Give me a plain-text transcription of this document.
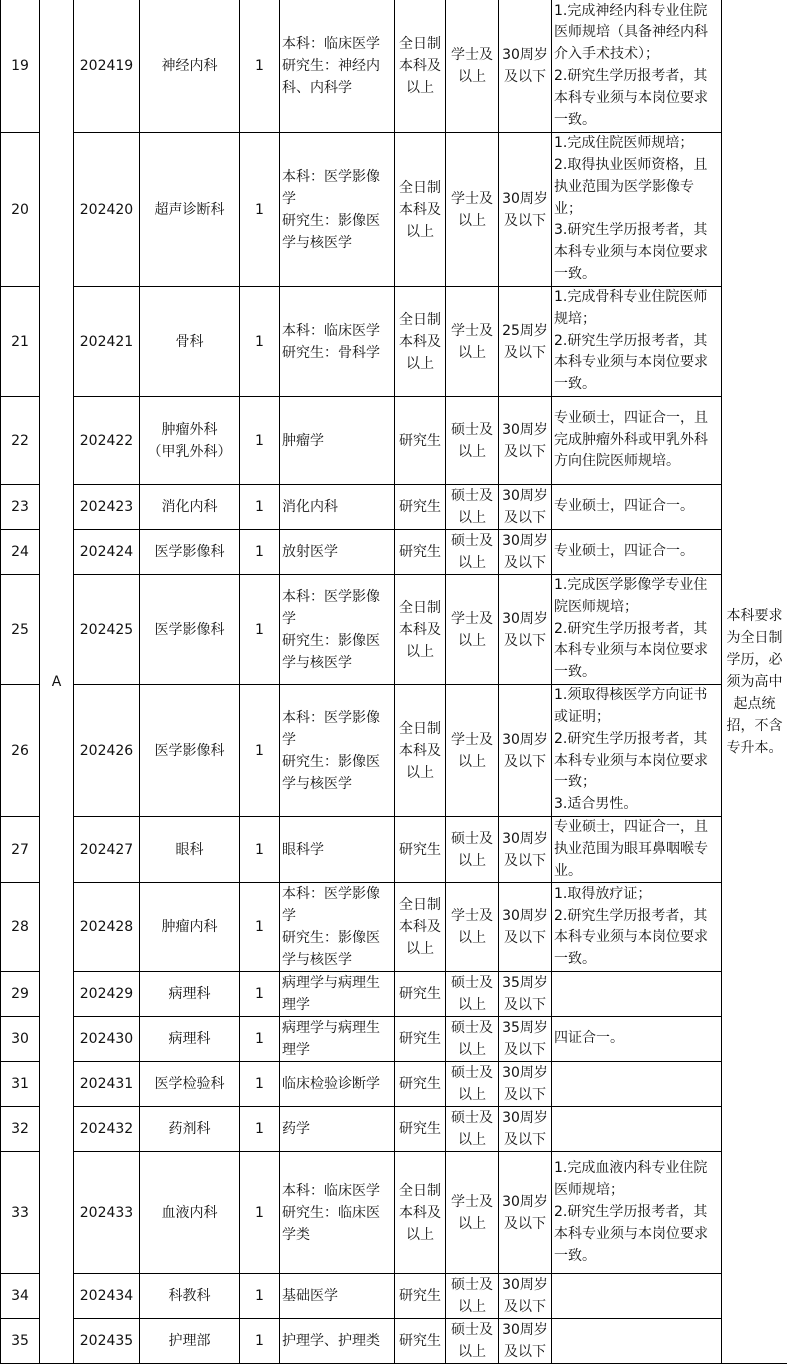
19	A	202419	神经内科	1	本科：临床医学
研究生：神经内科、内科学	全日制本科及以上	学士及以上	30周岁及以下	1.完成神经内科专业住院医师规培（具备神经内科介入手术技术）；
2.研究生学历报考者，其本科专业须与本岗位要求一致。	本科要求为全日制学历，必须为高中起点统招，不含专升本。
20		202420	超声诊断科	1	本科：医学影像学
研究生：影像医学与核医学	全日制本科及以上	学士及以上	30周岁及以下	1.完成住院医师规培；
2.取得执业医师资格，且执业范围为医学影像专业；
3.研究生学历报考者，其本科专业须与本岗位要求一致。	
21		202421	骨科	1	本科：临床医学
研究生：骨科学	全日制本科及以上	学士及以上	25周岁及以下	1.完成骨科专业住院医师规培；
2.研究生学历报考者，其本科专业须与本岗位要求一致。	
22		202422	肿瘤外科
（甲乳外科）	1	肿瘤学	研究生	硕士及以上	30周岁及以下	专业硕士，四证合一，且完成肿瘤外科或甲乳外科方向住院医师规培。	
23		202423	消化内科	1	消化内科	研究生	硕士及以上	30周岁及以下	专业硕士，四证合一。	
24		202424	医学影像科	1	放射医学	研究生	硕士及以上	30周岁及以下	专业硕士，四证合一。	
25		202425	医学影像科	1	本科：医学影像学
研究生：影像医学与核医学	全日制本科及以上	学士及以上	30周岁及以下	1.完成医学影像学专业住院医师规培；
2.研究生学历报考者，其本科专业须与本岗位要求一致。	
26		202426	医学影像科	1	本科：医学影像学
研究生：影像医学与核医学	全日制本科及以上	学士及以上	30周岁及以下	1.须取得核医学方向证书或证明；
2.研究生学历报考者，其本科专业须与本岗位要求一致；
3.适合男性。	
27		202427	眼科	1	眼科学	研究生	硕士及以上	30周岁及以下	专业硕士，四证合一，且执业范围为眼耳鼻咽喉专业。	
28		202428	肿瘤内科	1	本科：医学影像学
研究生：影像医学与核医学	全日制本科及以上	学士及以上	30周岁及以下	1.取得放疗证；
2.研究生学历报考者，其本科专业须与本岗位要求一致。	
29		202429	病理科	1	病理学与病理生理学	研究生	硕士及以上	35周岁及以下		
30		202430	病理科	1	病理学与病理生理学	研究生	硕士及以上	35周岁及以下	四证合一。	
31		202431	医学检验科	1	临床检验诊断学	研究生	硕士及以上	30周岁及以下		
32		202432	药剂科	1	药学	研究生	硕士及以上	30周岁及以下		
33		202433	血液内科	1	本科：临床医学
研究生：临床医学类	全日制本科及以上	学士及以上	30周岁及以下	1.完成血液内科专业住院医师规培；
2.研究生学历报考者，其本科专业须与本岗位要求一致。	
34		202434	科教科	1	基础医学	研究生	硕士及以上	30周岁及以下		
35		202435	护理部	1	护理学、护理类	研究生	硕士及以上	30周岁及以下		
